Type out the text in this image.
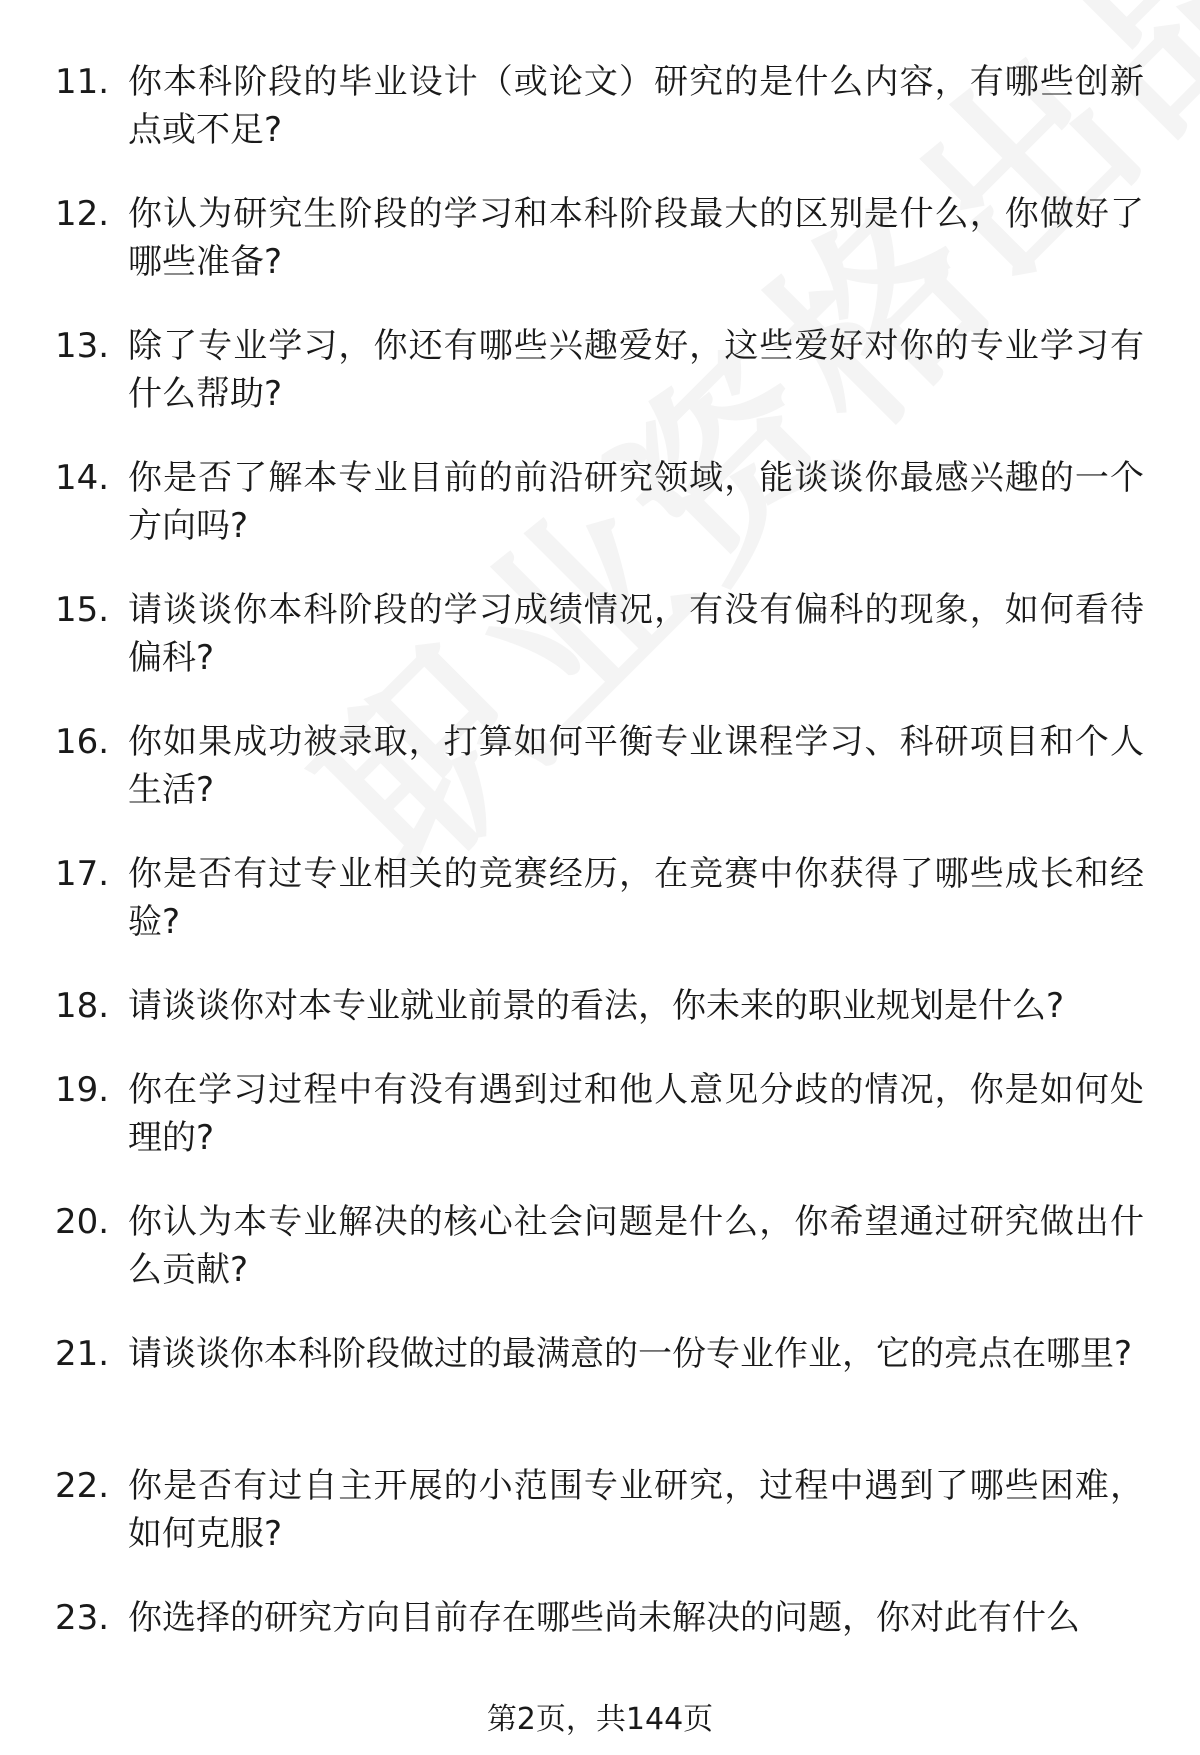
11. 你本科阶段的毕业设计（或论文）研究的是什么内容，有哪些创新点或不足?
12. 你认为研究生阶段的学习和本科阶段最大的区别是什么，你做好了哪些准备?
13. 除了专业学习，你还有哪些兴趣爱好，这些爱好对你的专业学习有什么帮助?
14. 你是否了解本专业目前的前沿研究领域，能谈谈你最感兴趣的一个方向吗?
15. 请谈谈你本科阶段的学习成绩情况，有没有偏科的现象，如何看待偏科?
16. 你如果成功被录取，打算如何平衡专业课程学习、科研项目和个人生活?
17. 你是否有过专业相关的竞赛经历，在竞赛中你获得了哪些成长和经验?
18. 请谈谈你对本专业就业前景的看法，你未来的职业规划是什么?
19. 你在学习过程中有没有遇到过和他人意见分歧的情况，你是如何处理的?
20. 你认为本专业解决的核心社会问题是什么，你希望通过研究做出什么贡献?
21. 请谈谈你本科阶段做过的最满意的一份专业作业，它的亮点在哪里?
22. 你是否有过自主开展的小范围专业研究，过程中遇到了哪些困难，如何克服?
23. 你选择的研究方向目前存在哪些尚未解决的问题，你对此有什么
第2页，共144页
